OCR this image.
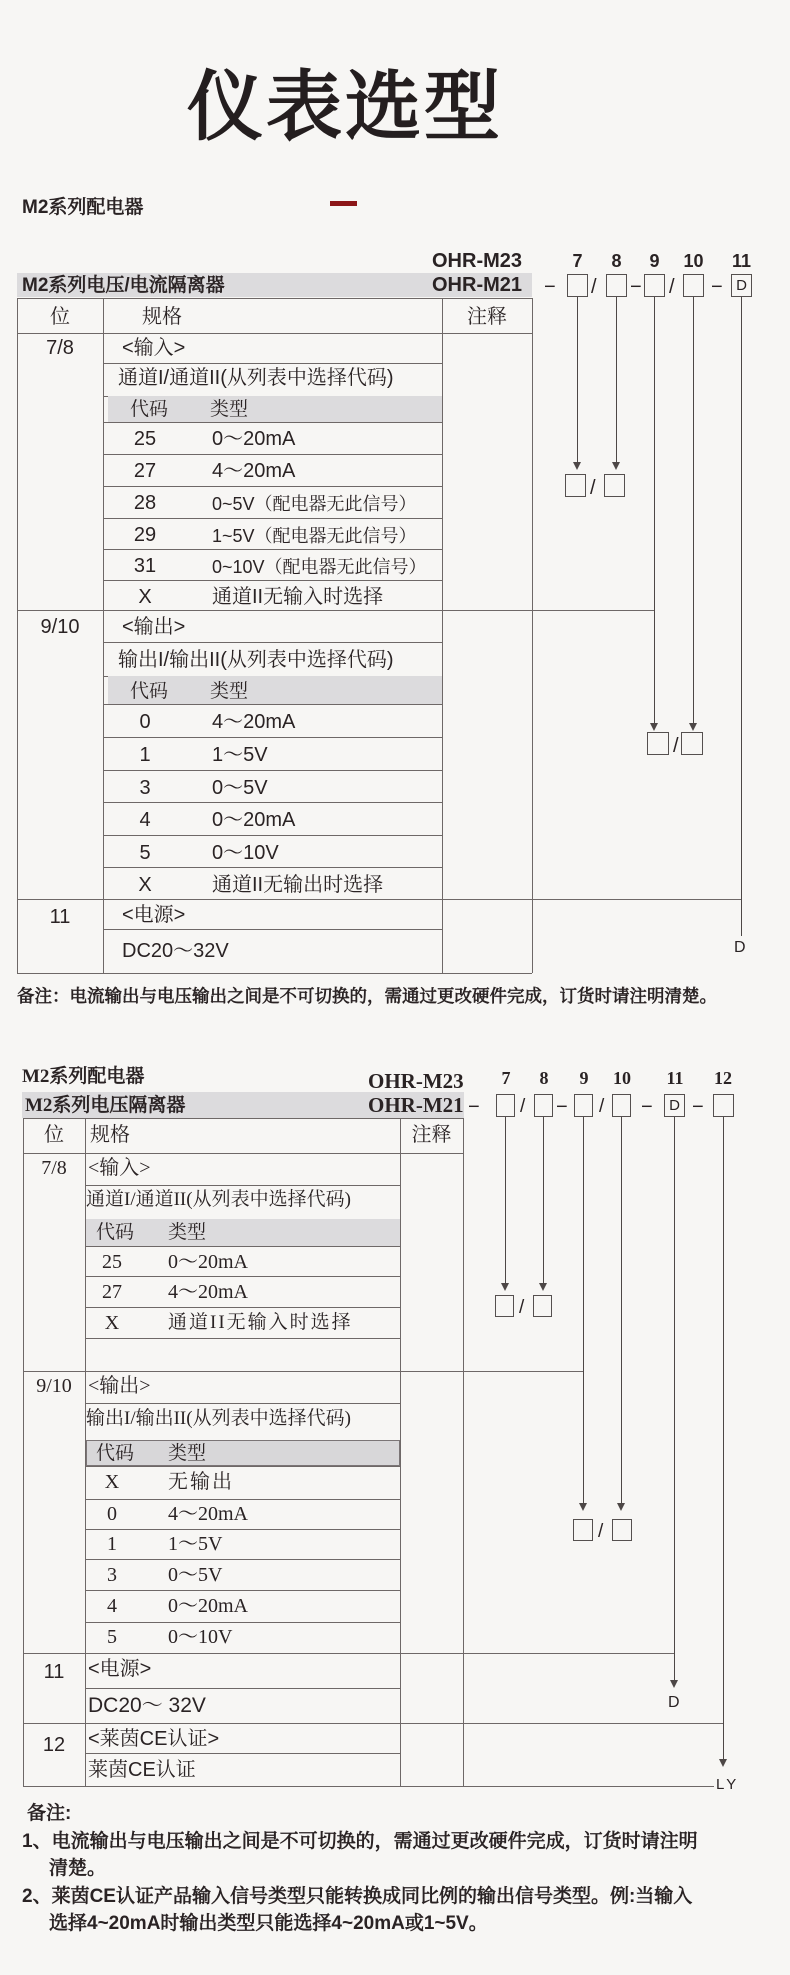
仪表选型
M2系列配电器
M2系列电压/电流隔离器
OHR-M23
OHR-M21
位	规格	注释
7/8	<输入>
通道I/通道II(从列表中选择代码)
代码 类型
25	0～20mA
27	4～20mA
28	0~5V（配电器无此信号）
29	1~5V（配电器无此信号）
31	0~10V（配电器无此信号）
X	通道II无输入时选择
9/10	<输出>
输出I/输出II(从列表中选择代码)
代码 类型
0	4～20mA
1	1～5V
3	0～5V
4	0～20mA
5	0～10V
X	通道II无输出时选择
11	<电源>
DC20～32V
备注：电流输出与电压输出之间是不可切换的，需通过更改硬件完成，订货时请注明清楚。
7 8 9 10 11
− / − / − D
/
/
D
M2系列配电器
M2系列电压隔离器
OHR-M23
OHR-M21
位	规格	注释
7/8	<输入>
通道I/通道II(从列表中选择代码)
代码 类型
25	0～20mA
27	4～20mA
X	通道II无输入时选择
9/10 <输出>
输出I/输出II(从列表中选择代码)
代码 类型
X	无输出
0	4～20mA
1	1～5V
3	0～5V
4	0～20mA
5	0～10V
11	<电源>
DC20～ 32V
12	<莱茵CE认证>
莱茵CE认证
7 8 9 10 11 12
− / − / −	D −
/
/
D
LY
备注:
1、电流输出与电压输出之间是不可切换的，需通过更改硬件完成，订货时请注明
清楚。
2、莱茵CE认证产品输入信号类型只能转换成同比例的输出信号类型。例:当输入
选择4~20mA时输出类型只能选择4~20mA或1~5V。
